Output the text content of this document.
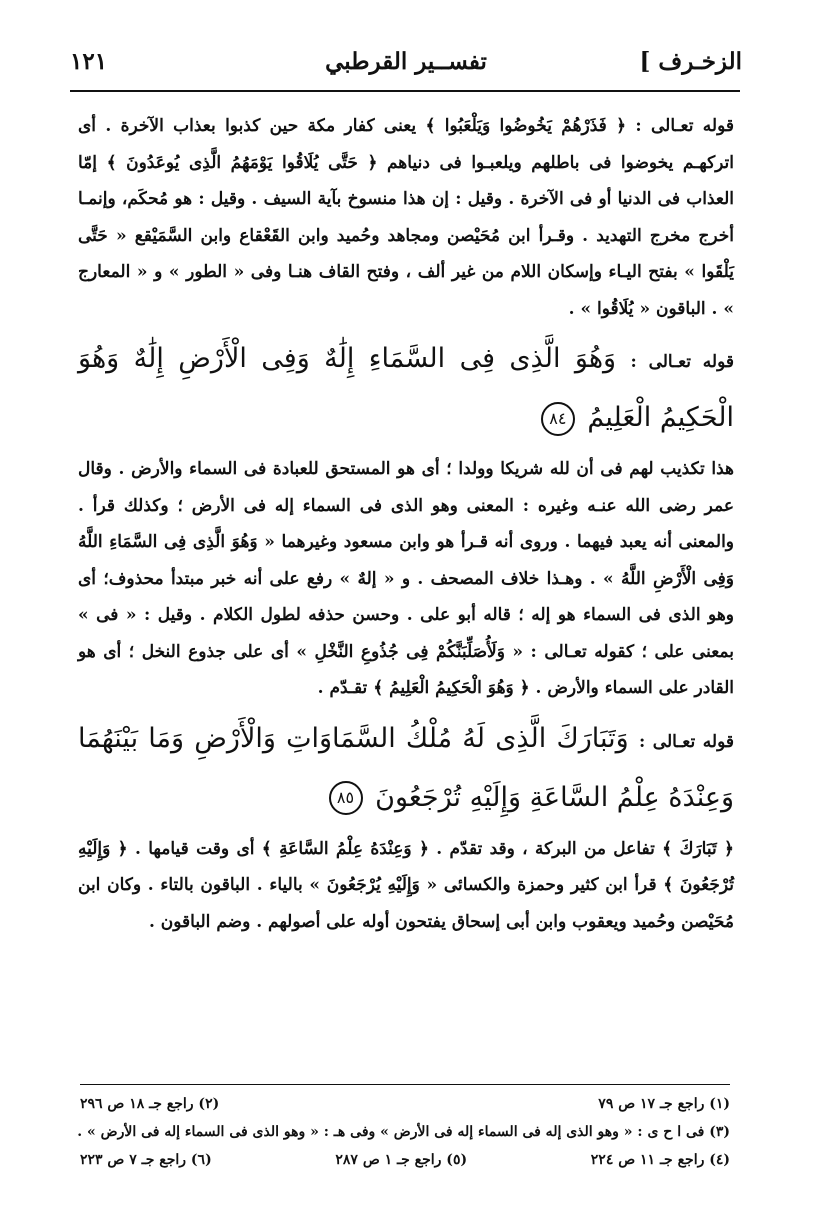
الزخـرف ]
تفســير القرطبي
١٢١

قوله تعـالى : ﴿ فَذَرْهُمْ يَخُوضُوا وَيَلْعَبُوا ﴾ يعنى كفار مكة حين كذبوا بعذاب الآخرة . أى اتركهـم يخوضوا فى باطلهم ويلعبـوا فى دنياهم ﴿ حَتَّى يُلَاقُوا يَوْمَهُمُ الَّذِى يُوعَدُونَ ﴾ إمّا العذاب فى الدنيا أو فى الآخرة . وقيل : إن هذا منسوخ بآية السيف . وقيل : هو مُحكَم، وإنمـا أخرج مخرج التهديد . وقـرأ ابن مُحَيْصن ومجاهد وحُميد وابن القَعْقاع وابن السَّمَيْقع « حَتَّى يَلْقَوا » بفتح اليـاء وإسكان اللام من غير ألف ، وفتح القاف هنـا وفى « الطور » و « المعارج » . الباقون « يُلَاقُوا » .

قوله تعـالى : وَهُوَ الَّذِى فِى السَّمَاءِ إِلَٰهٌ وَفِى الْأَرْضِ إِلَٰهٌ وَهُوَ الْحَكِيمُ الْعَلِيمُ ٨٤

هذا تكذيب لهم فى أن لله شريكا وولدا ؛ أى هو المستحق للعبادة فى السماء والأرض . وقال عمر رضى الله عنـه وغيره : المعنى وهو الذى فى السماء إله فى الأرض ؛ وكذلك قرأ . والمعنى أنه يعبد فيهما . وروى أنه قـرأ هو وابن مسعود وغيرهما « وَهُوَ الَّذِى فِى السَّمَاءِ اللَّهُ وَفِى الْأَرْضِ اللَّهُ » . وهـذا خلاف المصحف . و « إلهٌ » رفع على أنه خبر مبتدأ محذوف؛ أى وهو الذى فى السماء هو إله ؛ قاله أبو على . وحسن حذفه لطول الكلام . وقيل : « فى » بمعنى على ؛ كقوله تعـالى : « وَلَأُصَلِّبَنَّكُمْ فِى جُذُوعِ النَّخْلِ » أى على جذوع النخل ؛ أى هو القادر على السماء والأرض . ﴿ وَهُوَ الْحَكِيمُ الْعَلِيمُ ﴾ تقـدّم .

قوله تعـالى : وَتَبَارَكَ الَّذِى لَهُ مُلْكُ السَّمَاوَاتِ وَالْأَرْضِ وَمَا بَيْنَهُمَا وَعِنْدَهُ عِلْمُ السَّاعَةِ وَإِلَيْهِ تُرْجَعُونَ ٨٥

﴿ تَبَارَكَ ﴾ تفاعل من البركة ، وقد تقدّم . ﴿ وَعِنْدَهُ عِلْمُ السَّاعَةِ ﴾ أى وقت قيامها . ﴿ وَإِلَيْهِ تُرْجَعُونَ ﴾ قرأ ابن كثير وحمزة والكسائى « وَإِلَيْهِ يُرْجَعُونَ » بالياء . الباقون بالتاء . وكان ابن مُحَيْصن وحُميد ويعقوب وابن أبى إسحاق يفتحون أوله على أصولهم . وضم الباقون .

(١) راجع جـ ١٧ ص ٧٩
(٢) راجع جـ ١٨ ص ٢٩٦
(٣) فى ا ح ى : « وهو الذى إله فى السماء إله فى الأرض » وفى هـ : « وهو الذى فى السماء إله فى الأرض » .
(٤) راجع جـ ١١ ص ٢٢٤
(٥) راجع جـ ١ ص ٢٨٧
(٦) راجع جـ ٧ ص ٢٢٣
